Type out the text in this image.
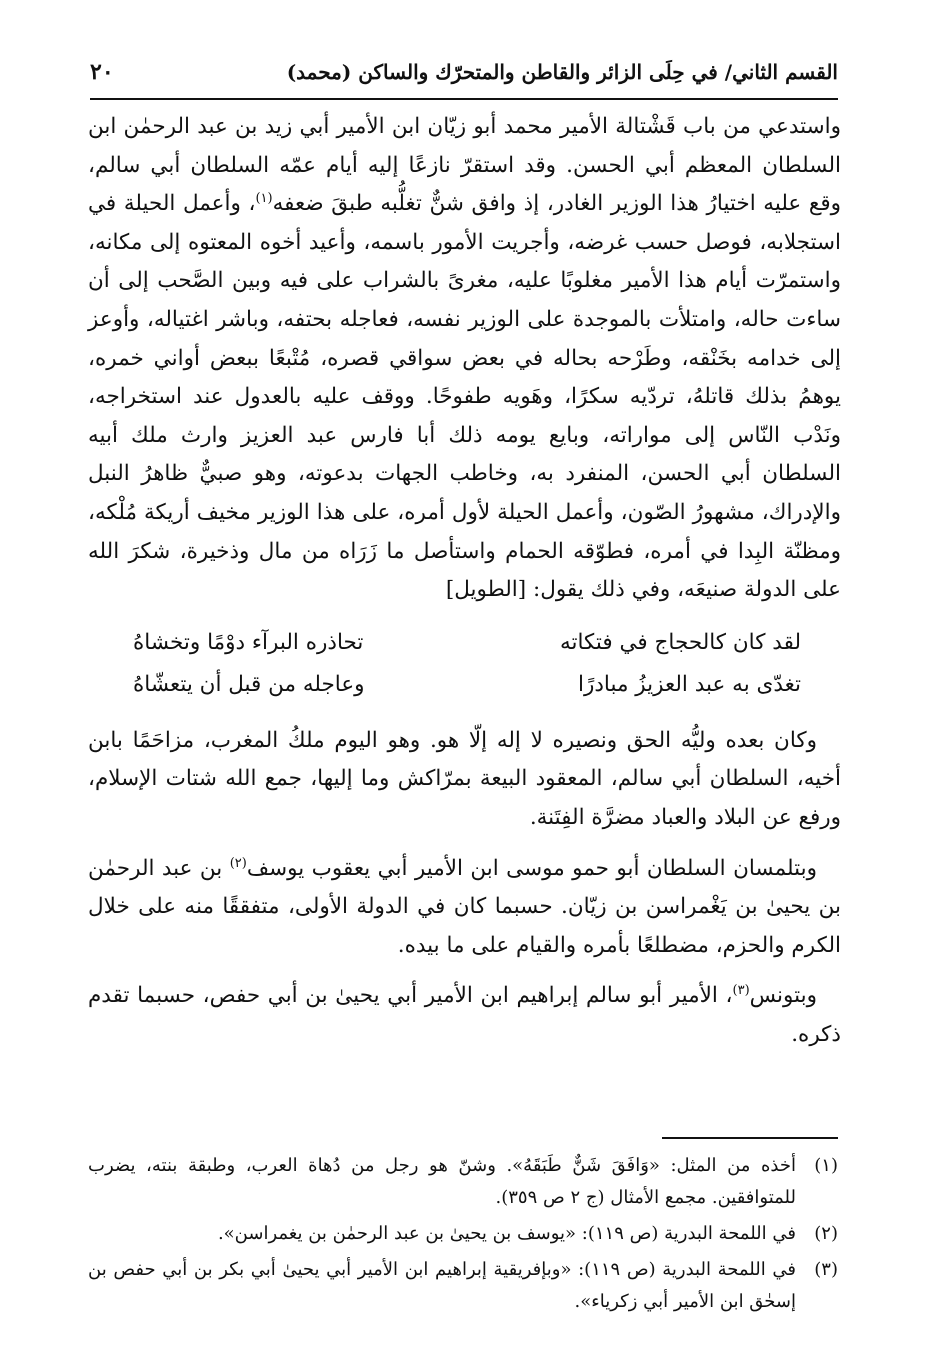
القسم الثاني/ في حِلَى الزائر والقاطن والمتحرّك والساكن (محمد)
٢٠

واستدعي من باب قَشْتالة الأمير محمد أبو زيّان ابن الأمير أبي زيد بن عبد الرحمٰن ابن السلطان المعظم أبي الحسن. وقد استقرّ نازعًا إليه أيام عمّه السلطان أبي سالم، وقع عليه اختيارُ هذا الوزير الغادر، إذ وافق شنٌّ تغلُّبه طبقَ ضعفه$^{(١)}$، وأعمل الحيلة في استجلابه، فوصل حسب غرضه، وأجريت الأمور باسمه، وأعيد أخوه المعتوه إلى مكانه، واستمرّت أيام هذا الأمير مغلوبًا عليه، مغرىً بالشراب على فيه وبين الصَّحب إلى أن ساءت حاله، وامتلأت بالموجدة على الوزير نفسه، فعاجله بحتفه، وباشر اغتياله، وأوعز إلى خدامه بخَنْقه، وطَرْحه بحاله في بعض سواقي قصره، مُتْبعًا ببعض أواني خمره، يوهمُ بذلك قاتلهُ، تردّيه سكرًا، وهَويه طفوحًا. ووقف عليه بالعدول عند استخراجه، ونَدْب النّاس إلى مواراته، وبايع يومه ذلك أبا فارس عبد العزيز وارث ملك أبيه السلطان أبي الحسن، المنفرد به، وخاطب الجهات بدعوته، وهو صبيٌّ ظاهرُ النبل والإدراك، مشهورُ الصّون، وأعمل الحيلة لأول أمره، على هذا الوزير مخيف أريكة مُلْكه، ومظنّة البِدا في أمره، فطوّقه الحمام واستأصل ما زَرَاه من مال وذخيرة، شكرَ الله على الدولة صنيعَه، وفي ذلك يقول: [الطويل]

لقد كان كالحجاج في فتكاته
تحاذره البرآء دوْمًا وتخشاهُ
تغدّى به عبد العزيزُ مبادرًا
وعاجله من قبل أن يتعشّاهُ

وكان بعده وليُّه الحق ونصيره لا إله إلّا هو. وهو اليوم ملكُ المغرب، مزاحَمًا بابن أخيه، السلطان أبي سالم، المعقود البيعة بمرّاكش وما إليها، جمع الله شتات الإسلام، ورفع عن البلاد والعباد مضرَّة الفِتَنة.

وبتلمسان السلطان أبو حمو موسى ابن الأمير أبي يعقوب يوسف$^{(٢)}$ بن عبد الرحمٰن بن يحيىٰ بن يَغْمراسن بن زيّان. حسبما كان في الدولة الأولى، متفققًا منه على خلال الكرم والحزم، مضطلعًا بأمره والقيام على ما بيده.

وبتونس$^{(٣)}$، الأمير أبو سالم إبراهيم ابن الأمير أبي يحيىٰ بن أبي حفص، حسبما تقدم ذكره.

(١)
أخذه من المثل: «وَافَقَ شَنٌّ طَبَقَهُ». وشنّ هو رجل من دُهاة العرب، وطبقة بنته، يضرب للمتوافقين. مجمع الأمثال (ج ٢ ص ٣٥٩).
(٢)
في اللمحة البدرية (ص ١١٩): «يوسف بن يحيىٰ بن عبد الرحمٰن بن يغمراسن».
(٣)
في اللمحة البدرية (ص ١١٩): «وبإفريقية إبراهيم ابن الأمير أبي يحيىٰ أبي بكر بن أبي حفص بن إسحٰق ابن الأمير أبي زكرياء».
